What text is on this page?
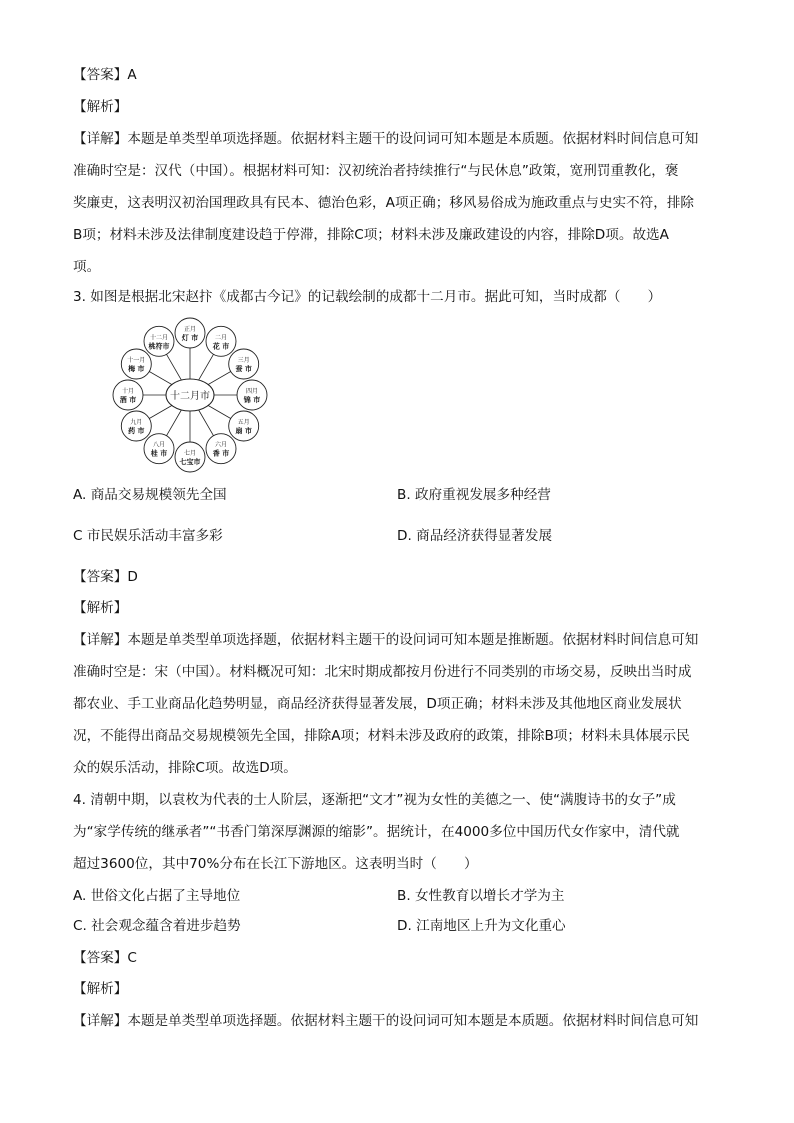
【答案】A
【解析】
【详解】本题是单类型单项选择题。依据材料主题干的设问词可知本题是本质题。依据材料时间信息可知
准确时空是：汉代（中国）。根据材料可知：汉初统治者持续推行“与民休息”政策，宽刑罚重教化，褒
奖廉吏，这表明汉初治国理政具有民本、德治色彩，A项正确；移风易俗成为施政重点与史实不符，排除
B项；材料未涉及法律制度建设趋于停滞，排除C项；材料未涉及廉政建设的内容，排除D项。故选A
项。
3. 如图是根据北宋赵抃《成都古今记》的记载绘制的成都十二月市。据此可知，当时成都（　　）
正月
灯 市	二月
花 市
三月
蚕 市
四月
锦 市
五月
扇 市
六月
香 市
七月
七宝市
八月
桂 市
九月
药 市
十月
酒 市
十一月
梅 市
十二月
桃符市
十二月市
A. 商品交易规模领先全国	B. 政府重视发展多种经营
C 市民娱乐活动丰富多彩	D. 商品经济获得显著发展
【答案】D
【解析】
【详解】本题是单类型单项选择题，依据材料主题干的设问词可知本题是推断题。依据材料时间信息可知
准确时空是：宋（中国）。材料概况可知：北宋时期成都按月份进行不同类别的市场交易，反映出当时成
都农业、手工业商品化趋势明显，商品经济获得显著发展，D项正确；材料未涉及其他地区商业发展状
况，不能得出商品交易规模领先全国，排除A项；材料未涉及政府的政策，排除B项；材料未具体展示民
众的娱乐活动，排除C项。故选D项。
4. 清朝中期，以袁枚为代表的士人阶层，逐渐把“文才”视为女性的美德之一、使“满腹诗书的女子”成
为“家学传统的继承者”“书香门第深厚渊源的缩影”。据统计，在4000多位中国历代女作家中，清代就
超过3600位，其中70%分布在长江下游地区。这表明当时（　　）
A. 世俗文化占据了主导地位	B. 女性教育以增长才学为主
C. 社会观念蕴含着进步趋势	D. 江南地区上升为文化重心
【答案】C
【解析】
【详解】本题是单类型单项选择题。依据材料主题干的设问词可知本题是本质题。依据材料时间信息可知
